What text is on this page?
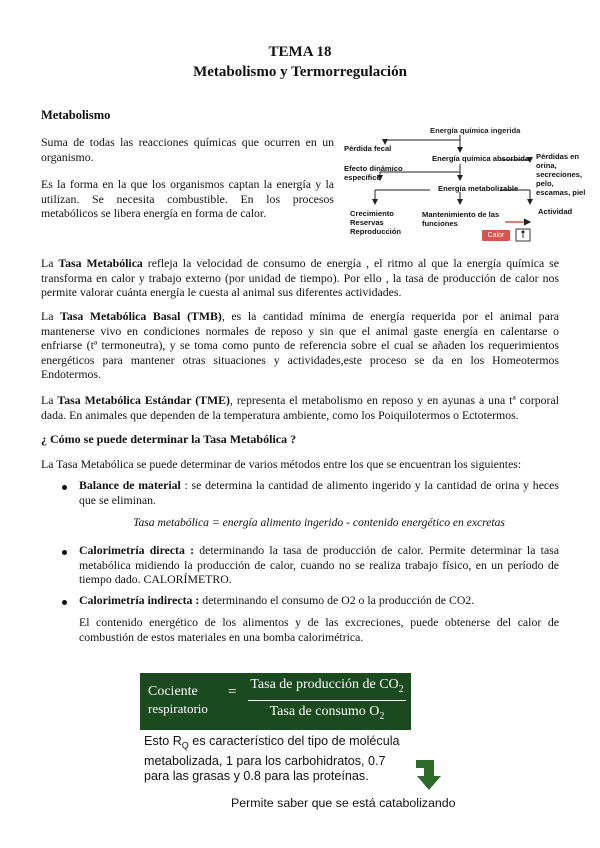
TEMA 18
Metabolismo y Termorregulación
Metabolismo
Suma de todas las reacciones químicas que ocurren en un organismo.
Es la forma en la que los organismos captan la energía y la utilizan. Se necesita combustible. En los procesos metabólicos se libera energía en forma de calor.
Energía química ingerida
Pérdida fecal
Energía química absorbida Pérdidas en orina, secreciones, pelo, escamas, piel
Efecto dinámico específico
Energía metabolizable
Crecimiento Reservas Reproducción
Mantenimiento de las funciones
Actividad
Calor
La Tasa Metabólica refleja la velocidad de consumo de energía , el ritmo al que la energía química se transforma en calor y trabajo externo (por unidad de tiempo). Por ello , la tasa de producción de calor nos permite valorar cuánta energía le cuesta al animal sus diferentes actividades.
La Tasa Metabólica Basal (TMB), es la cantidad mínima de energía requerida por el animal para mantenerse vivo en condiciones normales de reposo y sin que el animal gaste energía en calentarse o enfriarse (tª termoneutra), y se toma como punto de referencia sobre el cual se añaden los requerimientos energéticos para mantener otras situaciones y actividades,este proceso se da en los Homeotermos Endotermos.
La Tasa Metabólica Estándar (TME), representa el metabolismo en reposo y en ayunas a una tª corporal dada. En animales que dependen de la temperatura ambiente, como los Poiquilotermos o Ectotermos.
¿ Cómo se puede determinar la Tasa Metabólica ?
La Tasa Metabólica se puede determinar de varios métodos entre los que se encuentran los siguientes:
Balance de material : se determina la cantidad de alimento ingerido y la cantidad de orina y heces que se eliminan.
Tasa metabólica = energía alimento ingerido - contenido energético en excretas
Calorimetría directa : determinando la tasa de producción de calor. Permite determinar la tasa metabólica midiendo la producción de calor, cuando no se realiza trabajo físico, en un período de tiempo dado. CALORÍMETRO.
Calorimetría indirecta : determinando el consumo de O2 o la producción de CO2.
El contenido energético de los alimentos y de las excreciones, puede obtenerse del calor de combustión de estos materiales en una bomba calorimétrica.
Cociente
respiratorio
= Tasa de producción de $CO_2$
Tasa de consumo $O_2$
Esto $R_Q$ es característico del tipo de molécula
metabolizada, 1 para los carbohidratos, 0.7
para las grasas y 0.8 para las proteínas.
Permite saber que se está catabolizando
